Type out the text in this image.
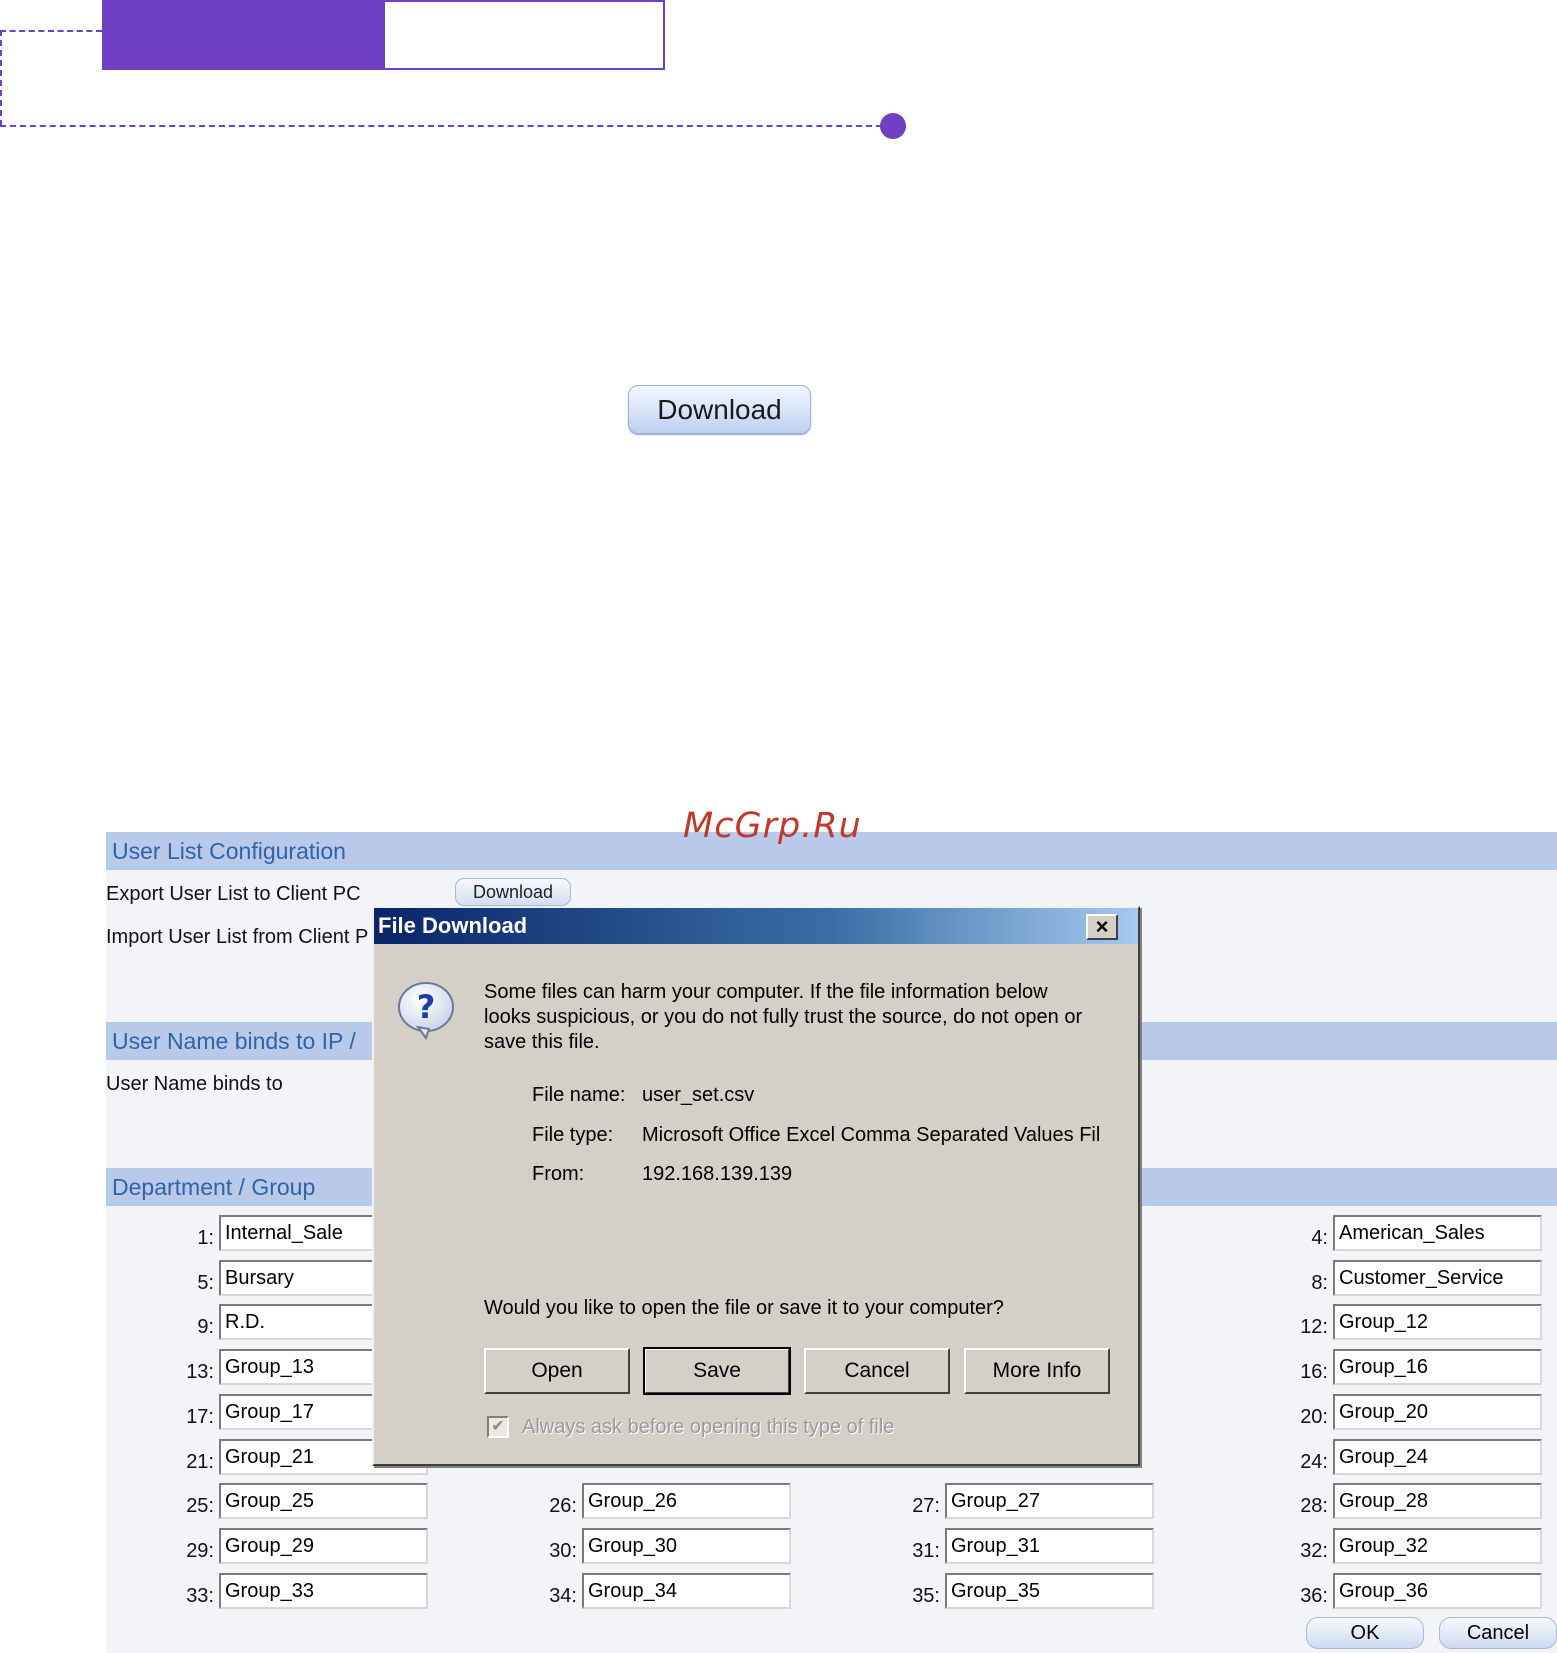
Download
User List Configuration
Export User List to Client PC	Download
Import User List from Client P
User Name binds to IP /
User Name binds to
Department / Group
1: Internal_Sale	4: American_Sales
5: Bursary	8: Customer_Service
9: R.D.	12: Group_12
13: Group_13	16: Group_16
17: Group_17	20: Group_20
21: Group_21	24: Group_24
25: Group_25	26: Group_26	27: Group_27	28: Group_28
29: Group_29	30: Group_30	31: Group_31	32: Group_32
33: Group_33	34: Group_34	35: Group_35	36: Group_36
OK	Cancel
File Download	×
? Some files can harm your computer. If the file information below
looks suspicious, or you do not fully trust the source, do not open or
save this file.
File name: user_set.csv
File type: Microsoft Office Excel Comma Separated Values Fil
From:	192.168.139.139
Would you like to open the file or save it to your computer?
Open	Save	Cancel	More Info
✔ Always ask before opening this type of file
McGrp.Ru
